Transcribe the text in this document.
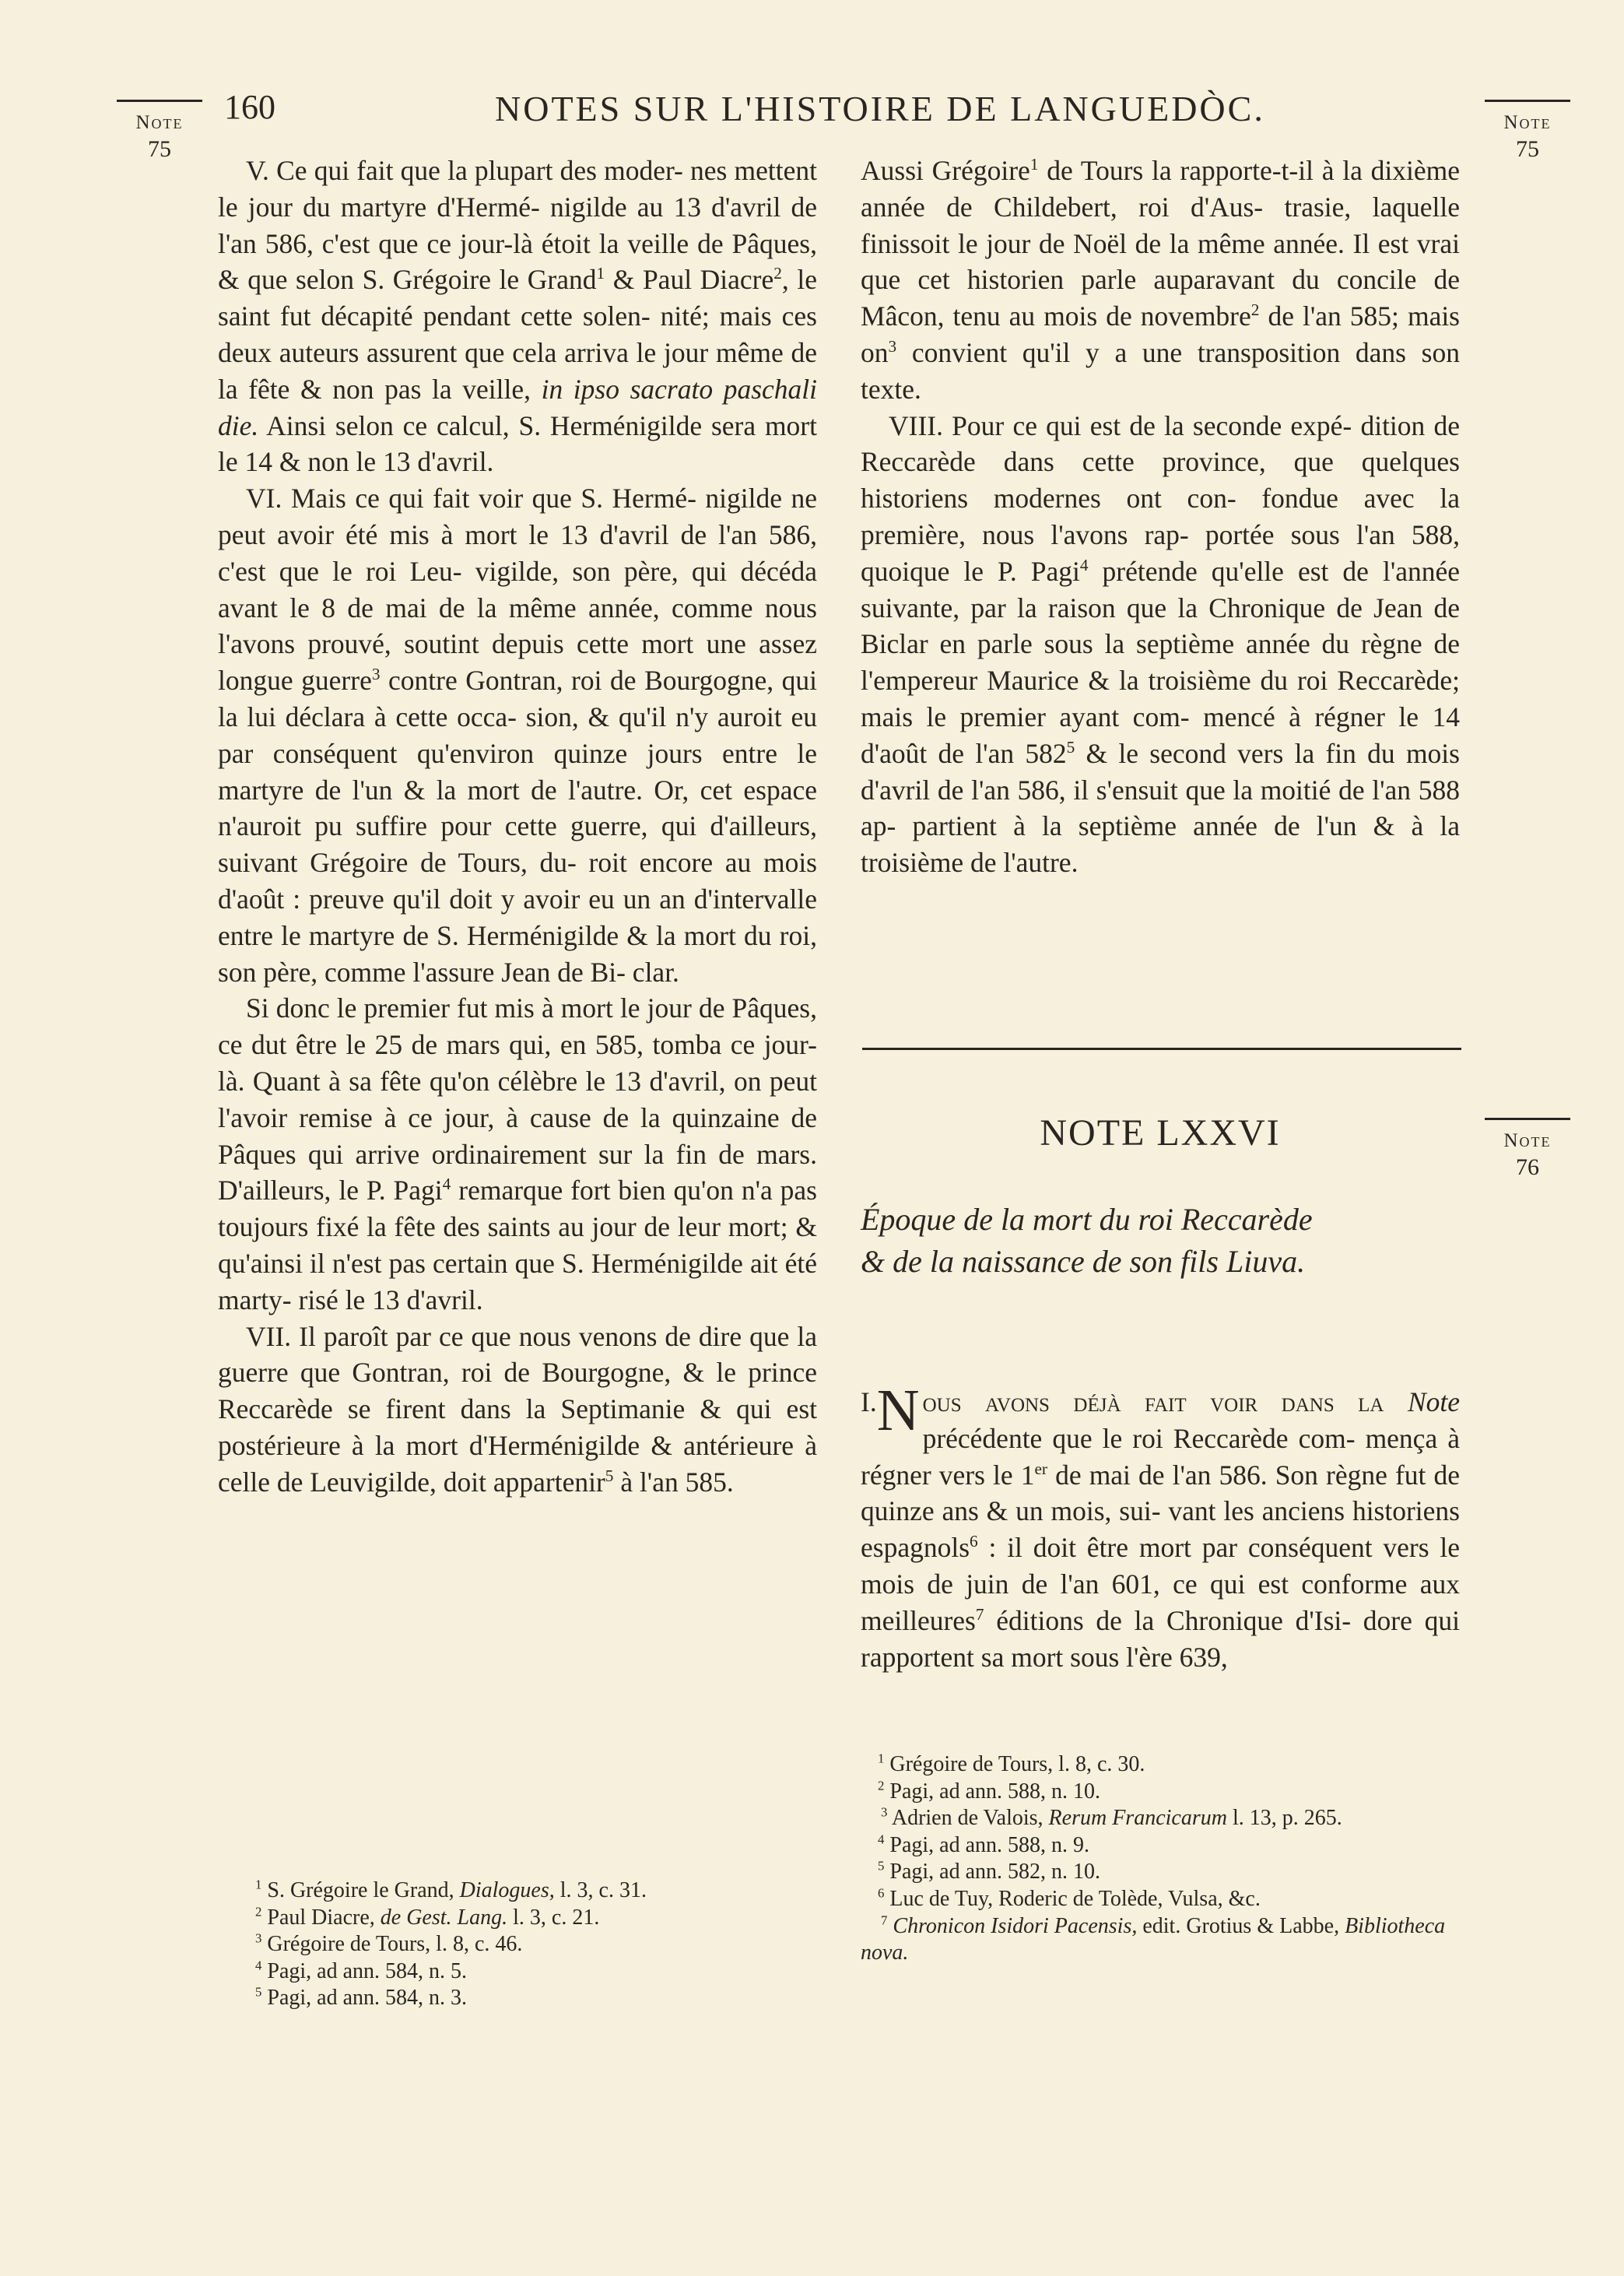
Note
75
Note
75
Note
76
160	NOTES SUR L'HISTOIRE DE LANGUEDÒC.

V. Ce qui fait que la plupart des moder- nes mettent le jour du martyre d'Hermé- nigilde au 13 d'avril de l'an 586, c'est que ce jour-là étoit la veille de Pâques, & que selon S. Grégoire le Grand$^1$ & Paul Diacre$^2$, le saint fut décapité pendant cette solen- nité; mais ces deux auteurs assurent que cela arriva le jour même de la fête & non pas la veille, in ipso sacrato paschali die. Ainsi selon ce calcul, S. Herménigilde sera mort le 14 & non le 13 d'avril.

VI. Mais ce qui fait voir que S. Hermé- nigilde ne peut avoir été mis à mort le 13 d'avril de l'an 586, c'est que le roi Leu- vigilde, son père, qui décéda avant le 8 de mai de la même année, comme nous l'avons prouvé, soutint depuis cette mort une assez longue guerre$^3$ contre Gontran, roi de Bourgogne, qui la lui déclara à cette occa- sion, & qu'il n'y auroit eu par conséquent qu'environ quinze jours entre le martyre de l'un & la mort de l'autre. Or, cet espace n'auroit pu suffire pour cette guerre, qui d'ailleurs, suivant Grégoire de Tours, du- roit encore au mois d'août : preuve qu'il doit y avoir eu un an d'intervalle entre le martyre de S. Herménigilde & la mort du roi, son père, comme l'assure Jean de Bi- clar.

Si donc le premier fut mis à mort le jour de Pâques, ce dut être le 25 de mars qui, en 585, tomba ce jour-là. Quant à sa fête qu'on célèbre le 13 d'avril, on peut l'avoir remise à ce jour, à cause de la quinzaine de Pâques qui arrive ordinairement sur la fin de mars. D'ailleurs, le P. Pagi$^4$ remarque fort bien qu'on n'a pas toujours fixé la fête des saints au jour de leur mort; & qu'ainsi il n'est pas certain que S. Herménigilde ait été marty- risé le 13 d'avril.

VII. Il paroît par ce que nous venons de dire que la guerre que Gontran, roi de Bourgogne, & le prince Reccarède se firent dans la Septimanie & qui est postérieure à la mort d'Herménigilde & antérieure à celle de Leuvigilde, doit appartenir$^5$ à l'an 585.

$^1$ S. Grégoire le Grand, Dialogues, l. 3, c. 31.
$^2$ Paul Diacre, de Gest. Lang. l. 3, c. 21.
$^3$ Grégoire de Tours, l. 8, c. 46.
$^4$ Pagi, ad ann. 584, n. 5.
$^5$ Pagi, ad ann. 584, n. 3.

Aussi Grégoire$^1$ de Tours la rapporte-t-il à la dixième année de Childebert, roi d'Aus- trasie, laquelle finissoit le jour de Noël de la même année. Il est vrai que cet historien parle auparavant du concile de Mâcon, tenu au mois de novembre$^2$ de l'an 585; mais $on^3$ convient qu'il y a une transposition dans son texte.

VIII. Pour ce qui est de la seconde expé- dition de Reccarède dans cette province, que quelques historiens modernes ont con- fondue avec la première, nous l'avons rap- portée sous l'an 588, quoique le P. Pagi$^4$ prétende qu'elle est de l'année suivante, par la raison que la Chronique de Jean de Biclar en parle sous la septième année du règne de l'empereur Maurice & la troisième du roi Reccarède; mais le premier ayant com- mencé à régner le 14 d'août de l'an $582^5$ & le second vers la fin du mois d'avril de l'an 586, il s'ensuit que la moitié de l'an 588 ap- partient à la septième année de l'un & à la troisième de l'autre.

NOTE LXXVI
Époque de la mort du roi Reccarède
& de la naissance de son fils Liuva.

I. N ous avons déjà fait voir dans la Note précédente que le roi Reccarède com- mença à régner vers le 1er de mai de l'an 586. Son règne fut de quinze ans & un mois, sui- vant les anciens historiens espagnols$^6$ : il doit être mort par conséquent vers le mois de juin de l'an 601, ce qui est conforme aux meilleures$^7$ éditions de la Chronique d'Isi- dore qui rapportent sa mort sous l'ère 639,

$^1$ Grégoire de Tours, l. 8, c. 30.
$^2$ Pagi, ad ann. 588, n. 10.
$^3$ Adrien de Valois, Rerum Francicarum l. 13, p. 265.
$^4$ Pagi, ad ann. 588, n. 9.
$^5$ Pagi, ad ann. 582, n. 10.
$^6$ Luc de Tuy, Roderic de Tolède, Vulsa, &c.
$^7$ Chronicon Isidori Pacensis, edit. Grotius & Labbe, Bibliotheca nova.
